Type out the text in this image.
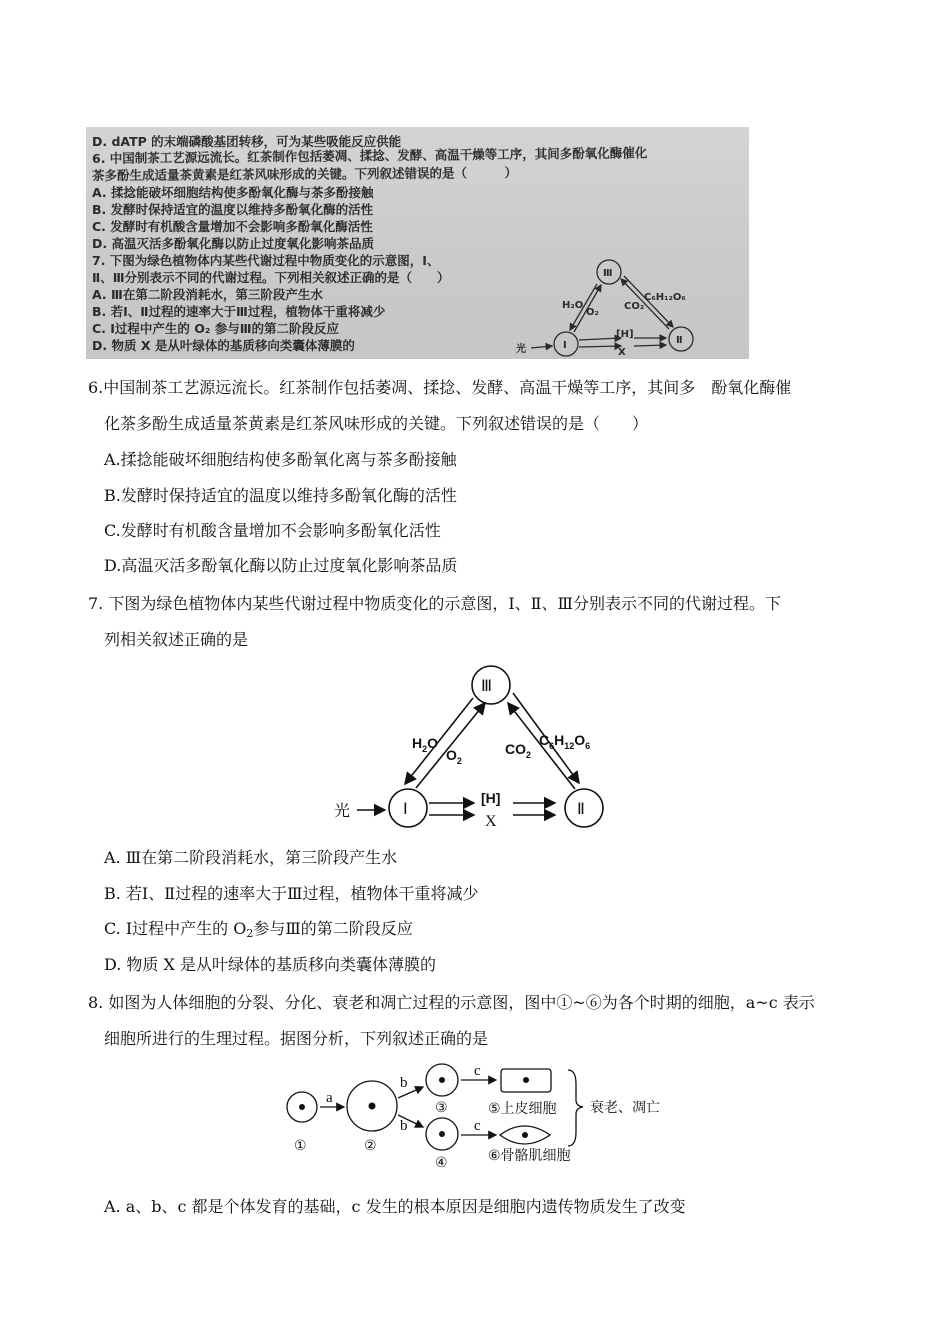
D. dATP 的末端磷酸基团转移，可为某些吸能反应供能
6. 中国制茶工艺源远流长。红茶制作包括萎凋、揉捻、发酵、高温干燥等工序，其间多酚氧化酶催化
茶多酚生成适量茶黄素是红茶风味形成的关键。下列叙述错误的是（　　　）
A. 揉捻能破坏细胞结构使多酚氧化酶与茶多酚接触
B. 发酵时保持适宜的温度以维持多酚氧化酶的活性
C. 发酵时有机酸含量增加不会影响多酚氧化酶活性
D. 高温灭活多酚氧化酶以防止过度氧化影响茶品质
7. 下图为绿色植物体内某些代谢过程中物质变化的示意图，Ⅰ、
Ⅱ、Ⅲ分别表示不同的代谢过程。下列相关叙述正确的是（　　）
A. Ⅲ在第二阶段消耗水，第三阶段产生水
B. 若Ⅰ、Ⅱ过程的速率大于Ⅲ过程，植物体干重将减少
C. Ⅰ过程中产生的 O₂ 参与Ⅲ的第二阶段反应
D. 物质 X 是从叶绿体的基质移向类囊体薄膜的
Ⅲ
Ⅰ	Ⅱ
光
H₂O
O₂
CO₂
C₆H₁₂O₆
[H]
X
6.中国制茶工艺源远流长。红茶制作包括萎凋、揉捻、发酵、高温干燥等工序，其间多　酚氧化酶催
化茶多酚生成适量茶黄素是红茶风味形成的关键。下列叙述错误的是（　　）
A.揉捻能破坏细胞结构使多酚氧化离与茶多酚接触
B.发酵时保持适宜的温度以维持多酚氧化酶的活性
C.发酵时有机酸含量增加不会影响多酚氧化活性
D.高温灭活多酚氧化酶以防止过度氧化影响茶品质
7. 下图为绿色植物体内某些代谢过程中物质变化的示意图，Ⅰ、Ⅱ、Ⅲ分别表示不同的代谢过程。下
列相关叙述正确的是
Ⅲ
Ⅰ	Ⅱ
光
$H_2O$
$O_2$
$CO_2$
$C_6H_{12}O_6$
[H]
X
A. Ⅲ在第二阶段消耗水，第三阶段产生水
B. 若Ⅰ、Ⅱ过程的速率大于Ⅲ过程，植物体干重将减少
C. Ⅰ过程中产生的 $O_2$参与Ⅲ的第二阶段反应
D. 物质 X 是从叶绿体的基质移向类囊体薄膜的
8. 如图为人体细胞的分裂、分化、衰老和凋亡过程的示意图，图中①~⑥为各个时期的细胞，a~c 表示
细胞所进行的生理过程。据图分析，下列叙述正确的是
a
b
b
c
c
①	②
③
④
⑤上皮细胞
⑥骨骼肌细胞
衰老、凋亡
A. a、b、c 都是个体发育的基础，c 发生的根本原因是细胞内遗传物质发生了改变
